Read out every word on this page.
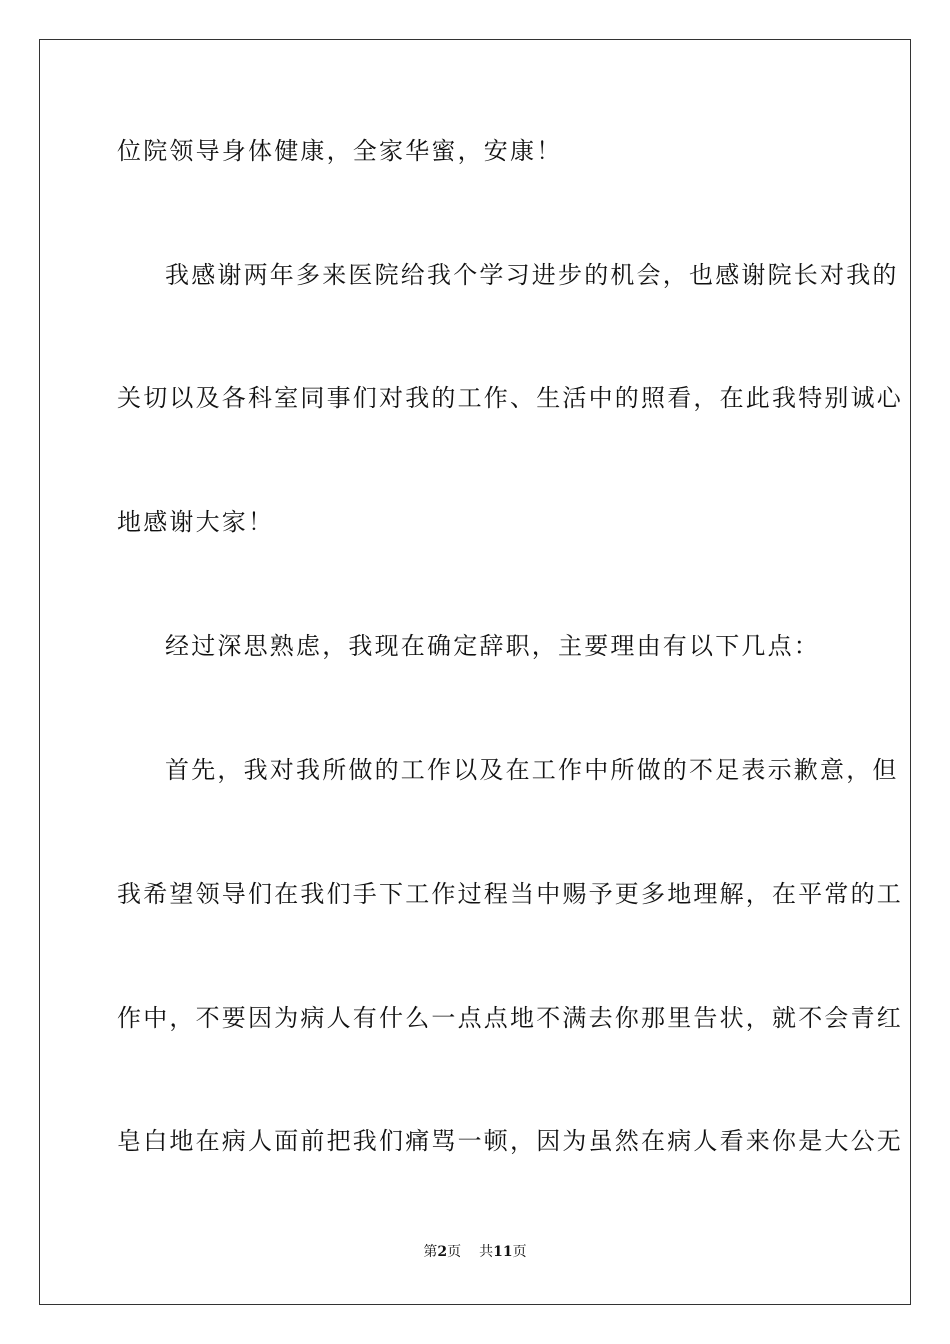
位院领导身体健康，全家华蜜，安康！
我感谢两年多来医院给我个学习进步的机会，也感谢院长对我的
关切以及各科室同事们对我的工作、生活中的照看，在此我特别诚心
地感谢大家！
经过深思熟虑，我现在确定辞职，主要理由有以下几点：
首先，我对我所做的工作以及在工作中所做的不足表示歉意，但
我希望领导们在我们手下工作过程当中赐予更多地理解，在平常的工
作中，不要因为病人有什么一点点地不满去你那里告状，就不会青红
皂白地在病人面前把我们痛骂一顿，因为虽然在病人看来你是大公无
第2页 共11页
